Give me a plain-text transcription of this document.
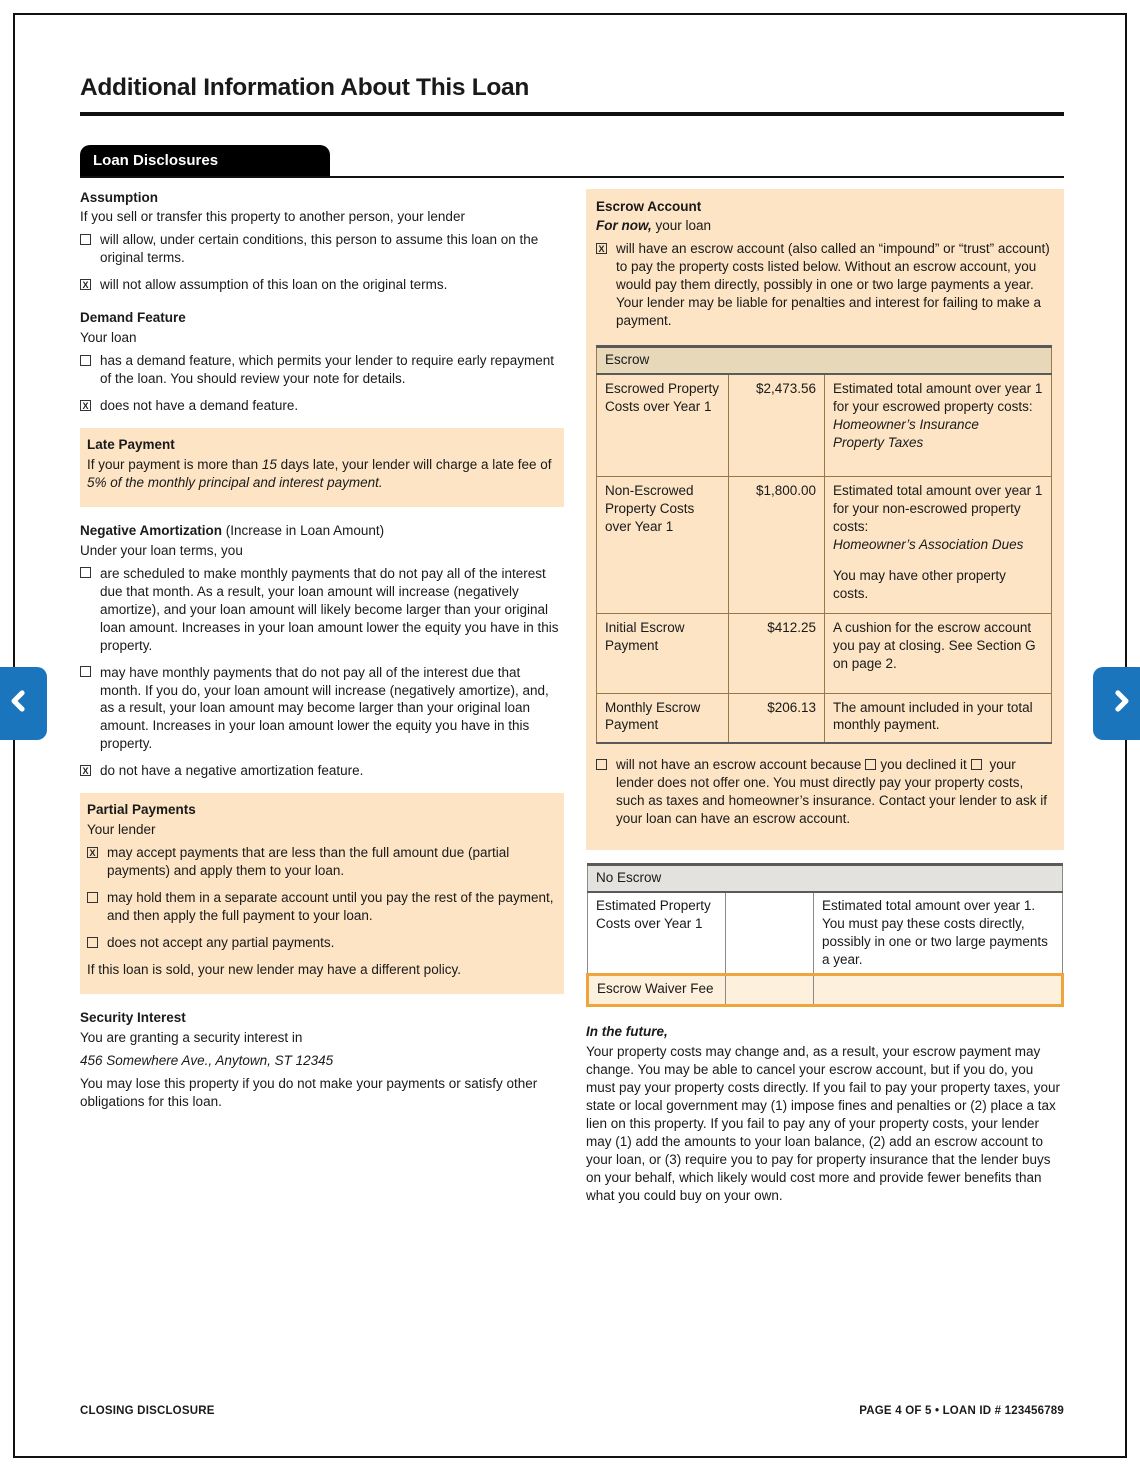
Additional Information About This Loan
Loan Disclosures
Assumption

If you sell or transfer this property to another person, your lender

will allow, under certain conditions, this person to assume this loan on the original terms.
X will not allow assumption of this loan on the original terms.
Demand Feature

Your loan

has a demand feature, which permits your lender to require early repayment of the loan. You should review your note for details.
X does not have a demand feature.
Late Payment

If your payment is more than 15 days late, your lender will charge a late fee of 5% of the monthly principal and interest payment.

Negative Amortization (Increase in Loan Amount)

Under your loan terms, you

are scheduled to make monthly payments that do not pay all of the interest due that month. As a result, your loan amount will increase (negatively amortize), and your loan amount will likely become larger than your original loan amount. Increases in your loan amount lower the equity you have in this property.
may have monthly payments that do not pay all of the interest due that month. If you do, your loan amount will increase (negatively amortize), and, as a result, your loan amount may become larger than your original loan amount. Increases in your loan amount lower the equity you have in this property.
X do not have a negative amortization feature.
Partial Payments

Your lender

X may accept payments that are less than the full amount due (partial payments) and apply them to your loan.
may hold them in a separate account until you pay the rest of the payment, and then apply the full payment to your loan.
does not accept any partial payments.

If this loan is sold, your new lender may have a different policy.

Security Interest

You are granting a security interest in

456 Somewhere Ave., Anytown, ST 12345

You may lose this property if you do not make your payments or satisfy other obligations for this loan.

Escrow Account

For now, your loan

X will have an escrow account (also called an “impound” or “trust” account) to pay the property costs listed below. Without an escrow account, you would pay them directly, possibly in one or two large payments a year. Your lender may be liable for penalties and interest for failing to make a payment.
Escrow		
Escrowed Property Costs over Year 1	$2,473.56	Estimated total amount over year 1 for your escrowed property costs:
Homeowner’s Insurance
Property Taxes

Non-Escrowed Property Costs over Year 1	$1,800.00	Estimated total amount over year 1 for your non-escrowed property costs:
Homeowner’s Association Dues
You may have other property costs.

Initial Escrow Payment	$412.25	A cushion for the escrow account you pay at closing. See Section G on page 2.
Monthly Escrow Payment	$206.13	The amount included in your total monthly payment.
will not have an escrow account because you declined it your lender does not offer one. You must directly pay your property costs, such as taxes and homeowner’s insurance. Contact your lender to ask if your loan can have an escrow account.
No Escrow		
Estimated Property Costs over Year 1		Estimated total amount over year 1. You must pay these costs directly, possibly in one or two large payments a year.
Escrow Waiver Fee		

In the future,

Your property costs may change and, as a result, your escrow payment may change. You may be able to cancel your escrow account, but if you do, you must pay your property costs directly. If you fail to pay your property taxes, your state or local government may (1) impose fines and penalties or (2) place a tax lien on this property. If you fail to pay any of your property costs, your lender may (1) add the amounts to your loan balance, (2) add an escrow account to your loan, or (3) require you to pay for property insurance that the lender buys on your behalf, which likely would cost more and provide fewer benefits than what you could buy on your own.

CLOSING DISCLOSURE	PAGE 4 OF 5 • LOAN ID # 123456789
